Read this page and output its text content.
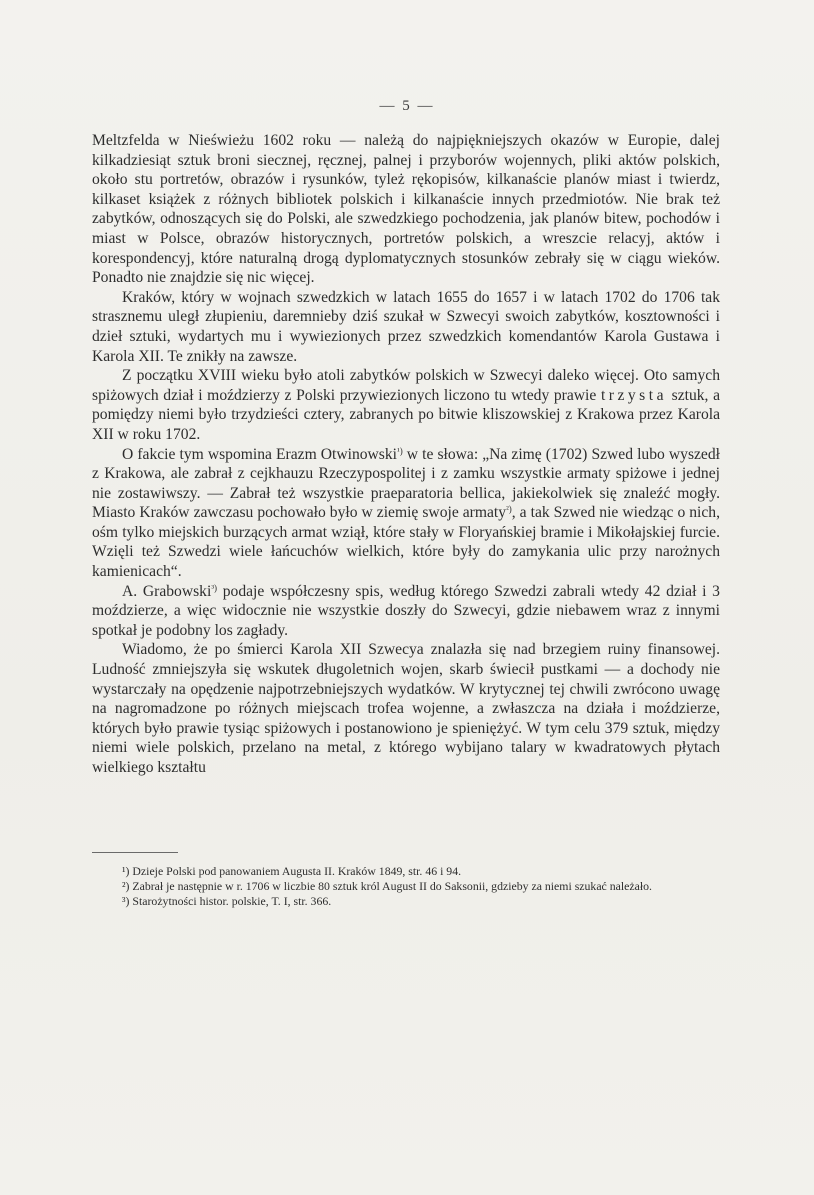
— 5 —

Meltzfelda w Nieświeżu 1602 roku — należą do najpiękniejszych okazów w Europie, dalej kilkadziesiąt sztuk broni siecznej, ręcznej, palnej i przyborów wojennych, pliki aktów polskich, około stu portretów, obrazów i rysunków, tyleż rękopisów, kilkanaście planów miast i twierdz, kilkaset książek z różnych bibliotek polskich i kilkanaście innych przedmiotów. Nie brak też zabytków, odnoszących się do Polski, ale szwedzkiego pochodzenia, jak planów bitew, pochodów i miast w Polsce, obrazów historycznych, portretów polskich, a wreszcie relacyj, aktów i korespondencyj, które naturalną drogą dyplomatycznych stosunków zebrały się w ciągu wieków. Ponadto nie znajdzie się nic więcej.

Kraków, który w wojnach szwedzkich w latach 1655 do 1657 i w latach 1702 do 1706 tak strasznemu uległ złupieniu, daremnieby dziś szukał w Szwecyi swoich zabytków, kosztowności i dzieł sztuki, wydartych mu i wywiezionych przez szwedzkich komendantów Karola Gustawa i Karola XII. Te znikły na zawsze.

Z początku XVIII wieku było atoli zabytków polskich w Szwecyi daleko więcej. Oto samych spiżowych dział i moździerzy z Polski przywiezionych liczono tu wtedy prawie trzysta sztuk, a pomiędzy niemi było trzydzieści cztery, zabranych po bitwie kliszowskiej z Krakowa przez Karola XII w roku 1702.

O fakcie tym wspomina Erazm Otwinowski$^{^1)}$ w te słowa: „Na zimę (1702) Szwed lubo wyszedł z Krakowa, ale zabrał z cejkhauzu Rzeczypospolitej i z zamku wszystkie armaty spiżowe i jednej nie zostawiwszy. — Zabrał też wszystkie praeparatoria bellica, jakiekolwiek się znaleźć mogły. Miasto Kraków zawczasu pochowało było w ziemię swoje armaty$^{^2)}$, a tak Szwed nie wiedząc o nich, ośm tylko miejskich burzących armat wziął, które stały w Floryańskiej bramie i Mikołajskiej furcie. Wzięli też Szwedzi wiele łańcuchów wielkich, które były do zamykania ulic przy narożnych kamienicach“.

A. Grabowski$^{^3)}$ podaje współczesny spis, według którego Szwedzi zabrali wtedy 42 dział i 3 moździerze, a więc widocznie nie wszystkie doszły do Szwecyi, gdzie niebawem wraz z innymi spotkał je podobny los zagłady.

Wiadomo, że po śmierci Karola XII Szwecya znalazła się nad brzegiem ruiny finansowej. Ludność zmniejszyła się wskutek długoletnich wojen, skarb świecił pustkami — a dochody nie wystarczały na opędzenie najpotrzebniejszych wydatków. W krytycznej tej chwili zwrócono uwagę na nagromadzone po różnych miejscach trofea wojenne, a zwłaszcza na działa i moździerze, których było prawie tysiąc spiżowych i postanowiono je spieniężyć. W tym celu 379 sztuk, między niemi wiele polskich, przelano na metal, z którego wybijano talary w kwadratowych płytach wielkiego kształtu

¹) Dzieje Polski pod panowaniem Augusta II. Kraków 1849, str. 46 i 94.

²) Zabrał je następnie w r. 1706 w liczbie 80 sztuk król August II do Saksonii, gdzieby za niemi szukać należało.

³) Starożytności histor. polskie, T. I, str. 366.
